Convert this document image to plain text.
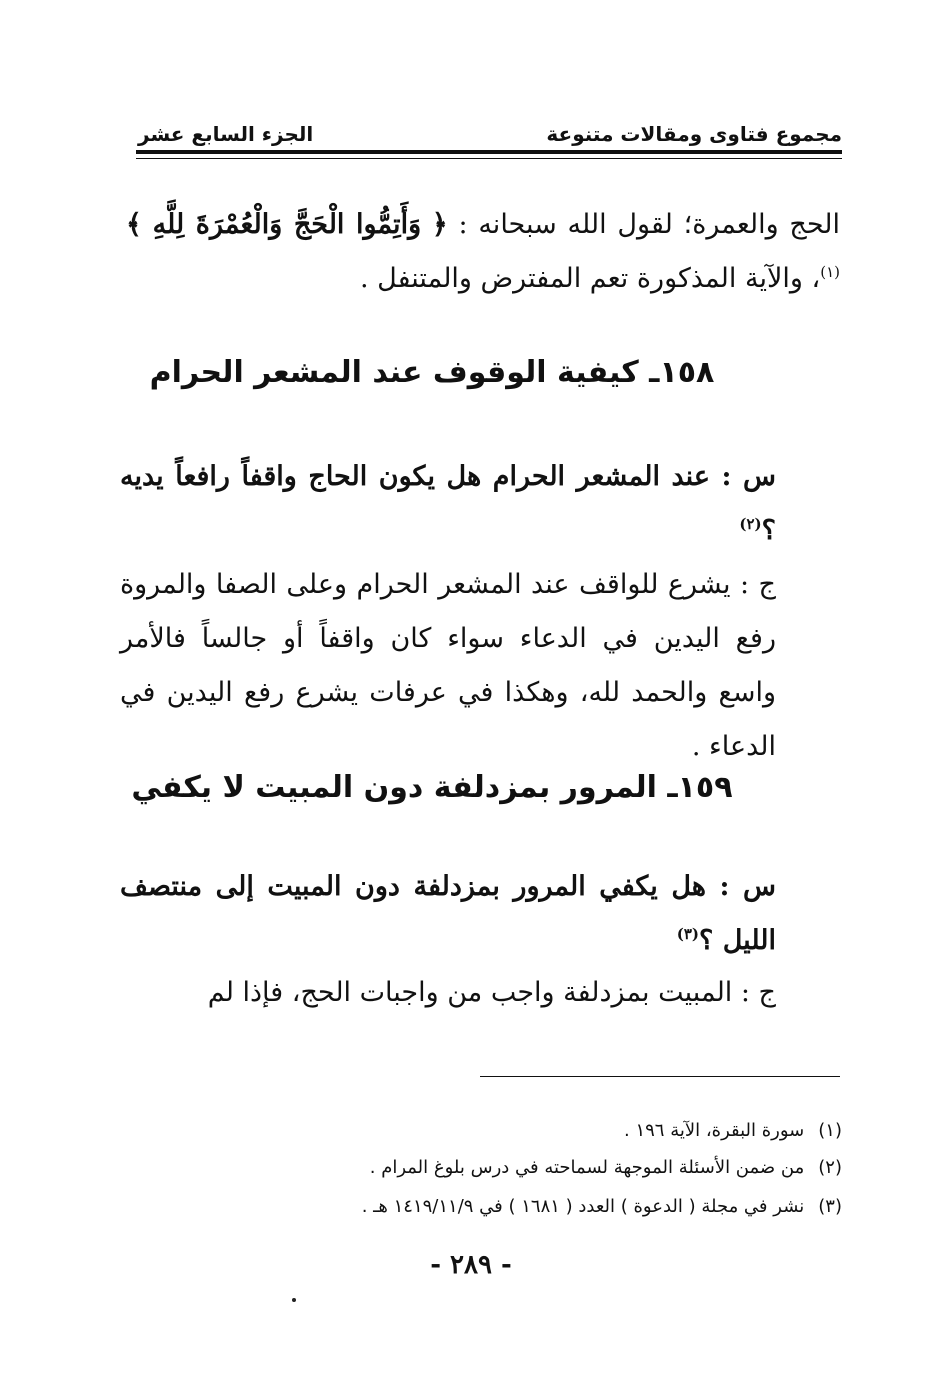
مجموع فتاوى ومقالات متنوعة
الجزء السابع عشر

الحج والعمرة؛ لقول الله سبحانه : ﴿ وَأَتِمُّوا الْحَجَّ وَالْعُمْرَةَ لِلَّهِ ﴾$^{(١)}$، والآية المذكورة تعم المفترض والمتنفل .

١٥٨ـ كيفية الوقوف عند المشعر الحرام

س : عند المشعر الحرام هل يكون الحاج واقفاً رافعاً يديه ؟$^{(٢)}$

ج : يشرع للواقف عند المشعر الحرام وعلى الصفا والمروة رفع اليدين في الدعاء سواء كان واقفاً أو جالساً فالأمر واسع والحمد لله، وهكذا في عرفات يشرع رفع اليدين في الدعاء .

١٥٩ـ المرور بمزدلفة دون المبيت لا يكفي

س : هل يكفي المرور بمزدلفة دون المبيت إلى منتصف الليل ؟$^{(٣)}$

ج : المبيت بمزدلفة واجب من واجبات الحج، فإذا لم

(١)سورة البقرة، الآية ١٩٦ .

(٢)من ضمن الأسئلة الموجهة لسماحته في درس بلوغ المرام .

(٣)نشر في مجلة ( الدعوة ) العدد ( ١٦٨١ ) في ١٤١٩/١١/٩ هـ .

- ٢٨٩ -
